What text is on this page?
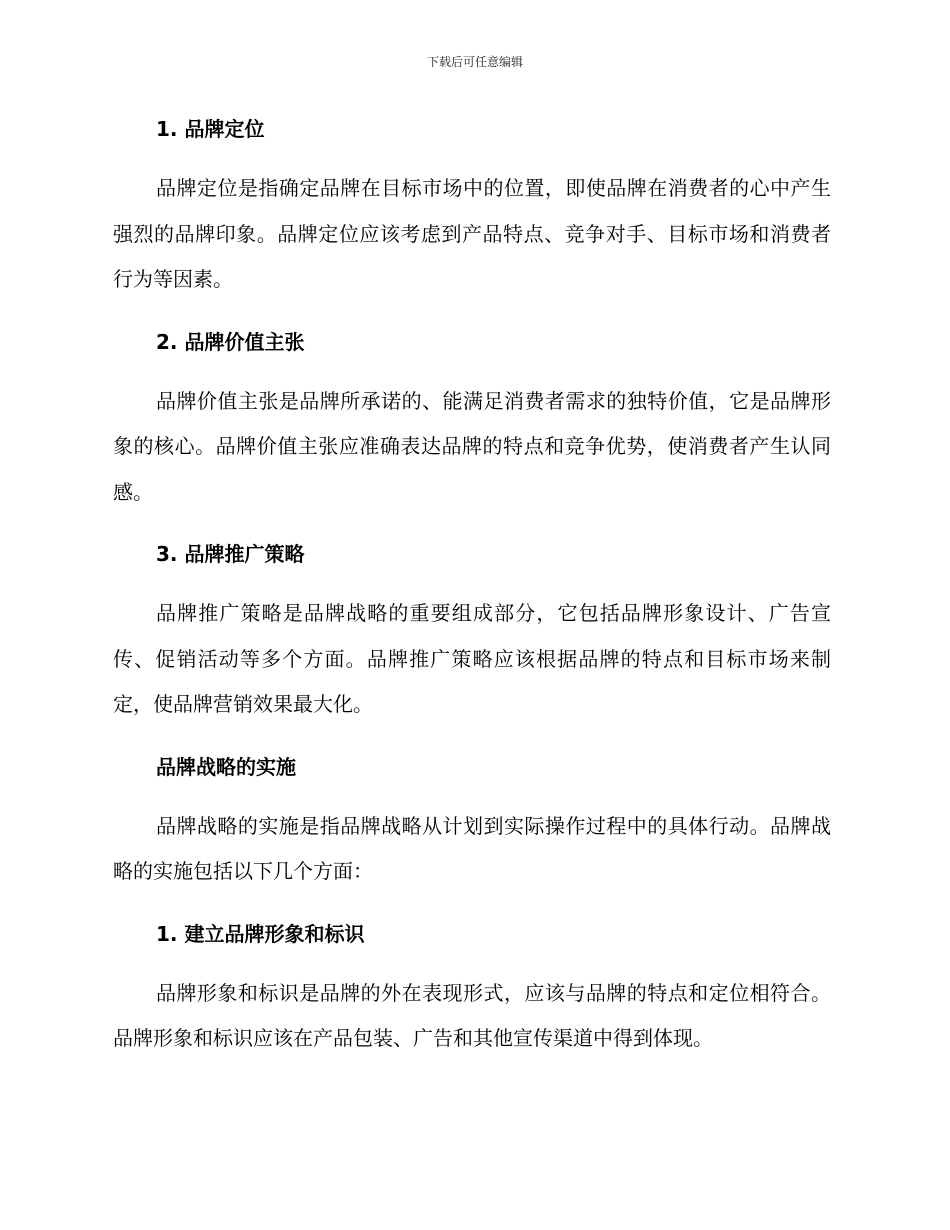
下载后可任意编辑
1. 品牌定位

品牌定位是指确定品牌在目标市场中的位置，即使品牌在消费者的心中产生强烈的品牌印象。品牌定位应该考虑到产品特点、竞争对手、目标市场和消费者行为等因素。

2. 品牌价值主张

品牌价值主张是品牌所承诺的、能满足消费者需求的独特价值，它是品牌形象的核心。品牌价值主张应准确表达品牌的特点和竞争优势，使消费者产生认同感。

3. 品牌推广策略

品牌推广策略是品牌战略的重要组成部分，它包括品牌形象设计、广告宣传、促销活动等多个方面。品牌推广策略应该根据品牌的特点和目标市场来制定，使品牌营销效果最大化。

品牌战略的实施

品牌战略的实施是指品牌战略从计划到实际操作过程中的具体行动。品牌战略的实施包括以下几个方面：

1. 建立品牌形象和标识

品牌形象和标识是品牌的外在表现形式，应该与品牌的特点和定位相符合。品牌形象和标识应该在产品包装、广告和其他宣传渠道中得到体现。
